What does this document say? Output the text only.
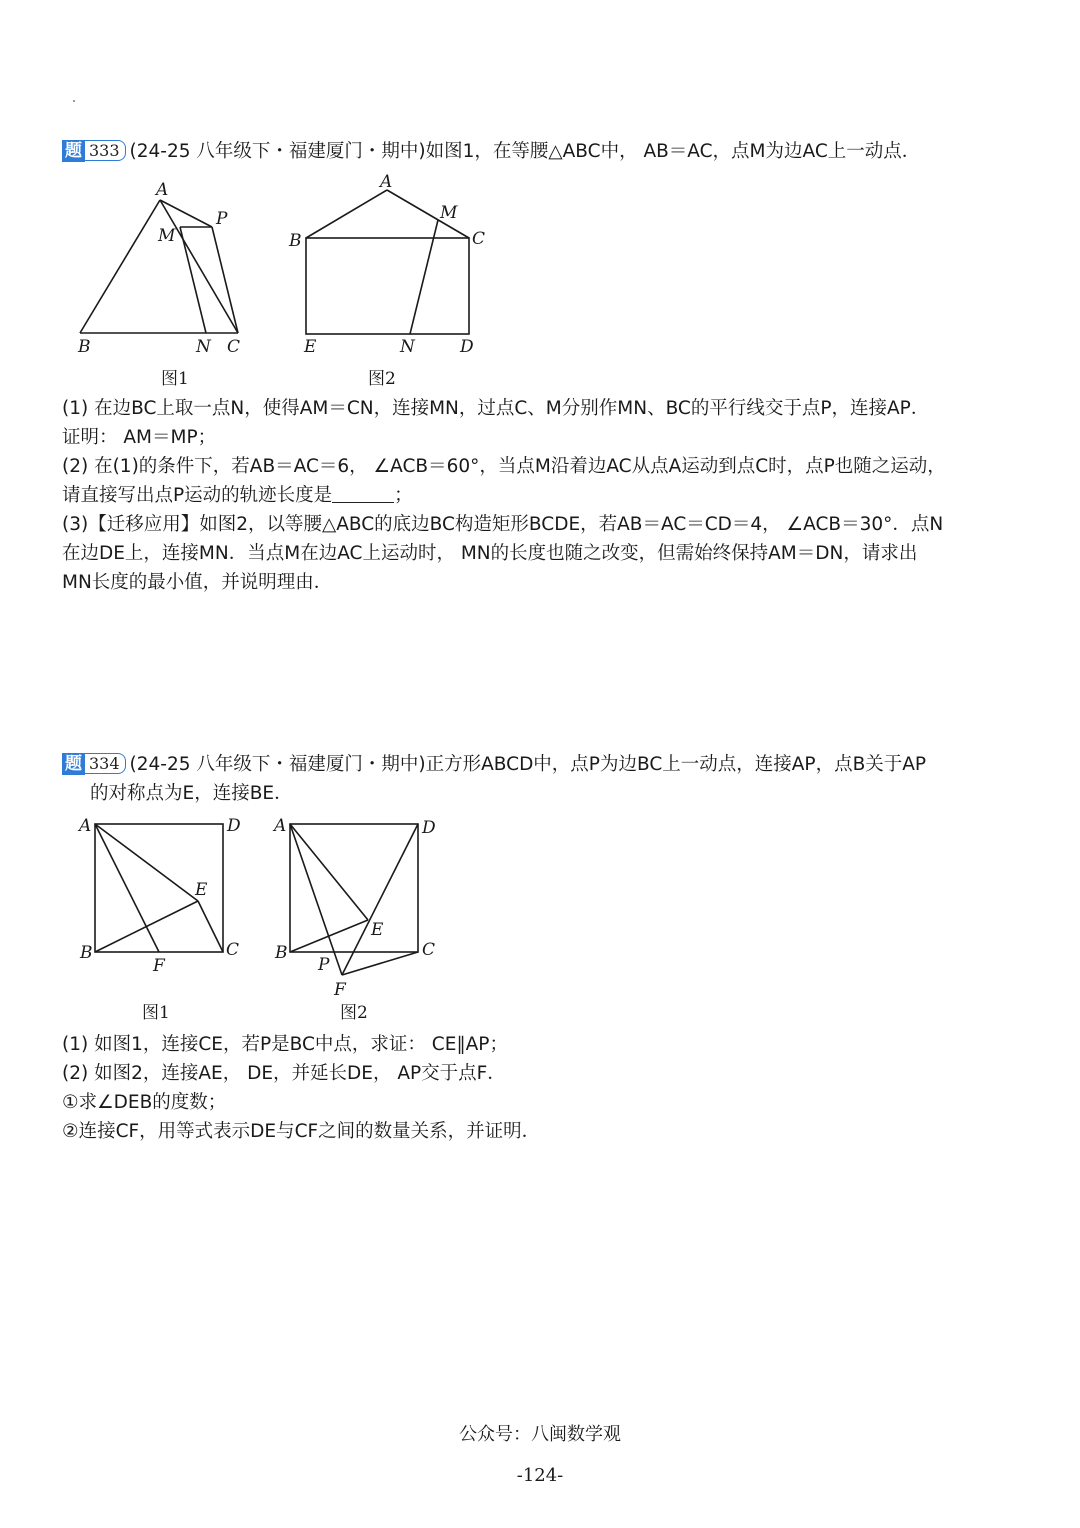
题 333 (24-25 八年级下・福建厦门・期中)如图1，在等腰△ABC中， AB＝AC，点M为边AC上一动点．
A
P
M
B	N C
图1
A
M
B	C
E	N	D
图2
(1) 在边BC上取一点N，使得AM＝CN，连接MN，过点C、M分别作MN、BC的平行线交于点P，连接AP．
证明： AM＝MP；
(2) 在(1)的条件下，若AB＝AC＝6， ∠ACB＝60°，当点M沿着边AC从点A运动到点C时，点P也随之运动，
请直接写出点P运动的轨迹长度是	；
(3)【迁移应用】如图2，以等腰△ABC的底边BC构造矩形BCDE，若AB＝AC＝CD＝4， ∠ACB＝30°．点N
在边DE上，连接MN．当点M在边AC上运动时， MN的长度也随之改变，但需始终保持AM＝DN，请求出
MN长度的最小值，并说明理由．
题 334 (24-25 八年级下・福建厦门・期中)正方形ABCD中，点P为边BC上一动点，连接AP，点B关于AP
的对称点为E，连接BE．
A	D
E
B
F
C
图1
A	D
E
B
P
C
F
图2
(1) 如图1，连接CE，若P是BC中点，求证： CE∥AP；
(2) 如图2，连接AE， DE，并延长DE， AP交于点F．
①求∠DEB的度数；
②连接CF，用等式表示DE与CF之间的数量关系，并证明．
公众号：八闽数学观
-124-
